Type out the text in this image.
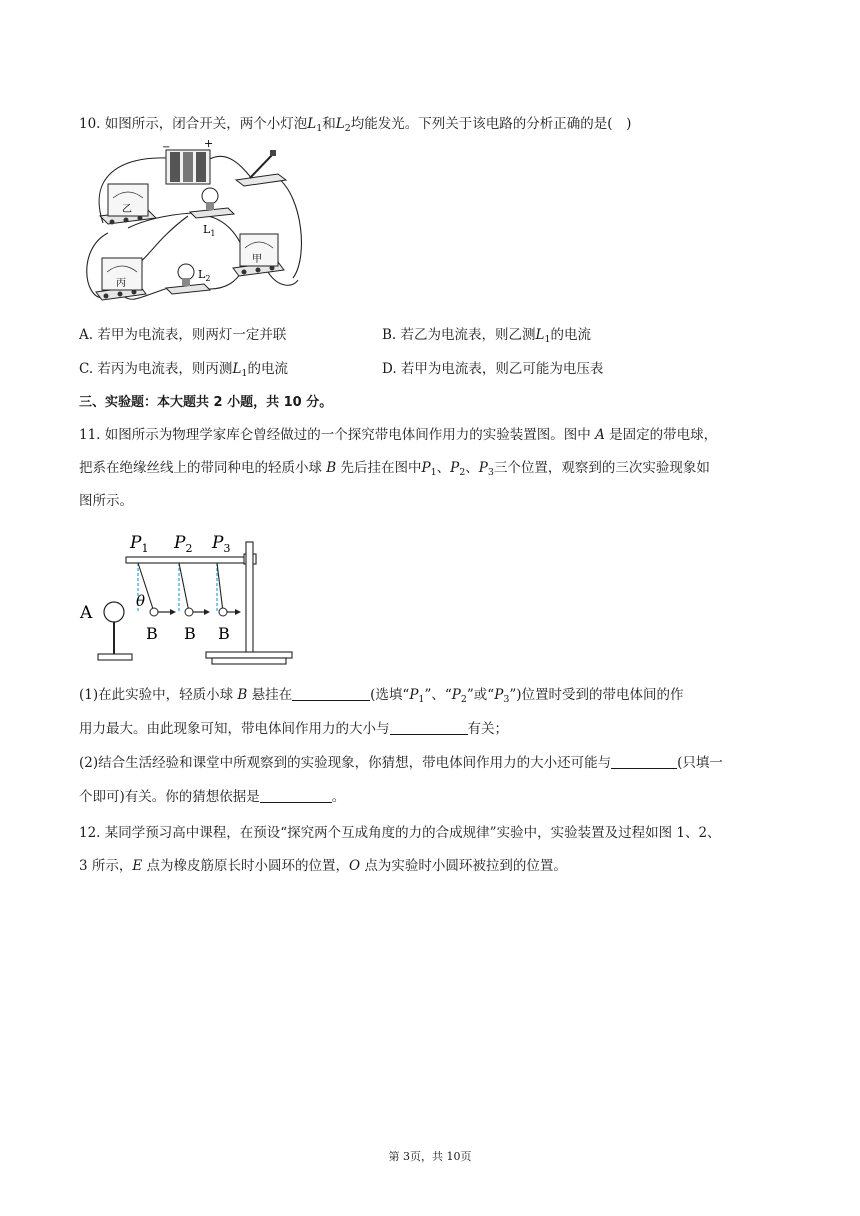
10. 如图所示，闭合开关，两个小灯泡$L_1$和$L_2$均能发光。下列关于该电路的分析正确的是(　)
−	+
乙
$L_1$
甲
丙
$L_2$
A. 若甲为电流表，则两灯一定并联	B. 若乙为电流表，则乙测$L_1$的电流
C. 若丙为电流表，则丙测$L_1$的电流	D. 若甲为电流表，则乙可能为电压表
三、实验题：本大题共 2 小题，共 10 分。
11. 如图所示为物理学家库仑曾经做过的一个探究带电体间作用力的实验装置图。图中 A 是固定的带电球，
把系在绝缘丝线上的带同种电的轻质小球 B 先后挂在图中$P_1$、$P_2$、$P_3$三个位置，观察到的三次实验现象如
图所示。
$P_1$ $P_2$ $P_3$
A
θ
B B B
(1)在此实验中，轻质小球 B 悬挂在	(选填“$P_1$”、“$P_2$”或“$P_3$”)位置时受到的带电体间的作
用力最大。由此现象可知，带电体间作用力的大小与	有关；
(2)结合生活经验和课堂中所观察到的实验现象，你猜想，带电体间作用力的大小还可能与	(只填一
个即可)有关。你的猜想依据是	。
12. 某同学预习高中课程，在预设“探究两个互成角度的力的合成规律”实验中，实验装置及过程如图 1、2、
3 所示，E 点为橡皮筋原长时小圆环的位置，O 点为实验时小圆环被拉到的位置。
第 3页，共 10页
